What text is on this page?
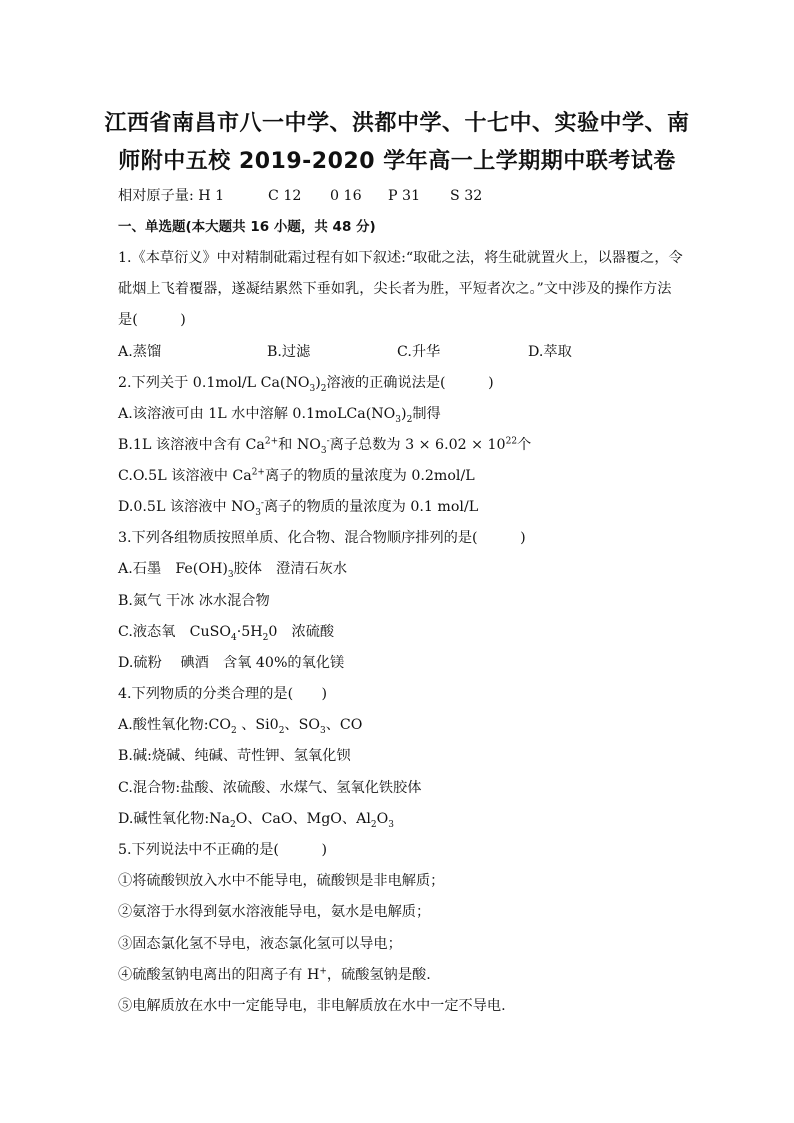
江西省南昌市八一中学、洪都中学、十七中、实验中学、南
师附中五校 2019-2020 学年高一上学期期中联考试卷
相对原子量: H 1	C 12 0 16 P 31 S 32
一、单选题(本大题共 16 小题，共 48 分)
1.《本草衍义》中对精制砒霜过程有如下叙述:“取砒之法，将生砒就置火上，以器覆之，令
砒烟上飞着覆器，遂凝结累然下垂如乳，尖长者为胜，平短者次之。”文中涉及的操作方法
是(　　　)
A.蒸馏	B.过滤	C.升华	D.萃取
2.下列关于 0.1mol/L $Ca(NO_3)_2$溶液的正确说法是(　　　)
A.该溶液可由 1L 水中溶解 $0.1moLCa(NO_3)_2$制得
B.1L 该溶液中含有 $Ca^{2+}$和 $NO_3^-$离子总数为 $3 \times 6.02 \times 10^{22}$个
C.O.5L 该溶液中 $Ca^{2+}$离子的物质的量浓度为 0.2mol/L
D.0.5L 该溶液中 $NO_3^-$离子的物质的量浓度为 0.1 mol/L
3.下列各组物质按照单质、化合物、混合物顺序排列的是(　　　)
A.石墨　$Fe(OH)_3$胶体　澄清石灰水
B.氮气 干冰 冰水混合物
C.液态氧　$CuSO_4\cdot 5H_20$　浓硫酸
D.硫粉　 碘酒　含氧 40%的氧化镁
4.下列物质的分类合理的是(　　)
A.酸性氧化物$:CO_2$ 、$Si0_2$、$SO_3$、CO
B.碱:烧碱、纯碱、苛性钾、氢氧化钡
C.混合物:盐酸、浓硫酸、水煤气、氢氧化铁胶体
D.碱性氧化物$:Na_2O$、CaO、MgO、$Al_2O_3$
5.下列说法中不正确的是(　　　)
①将硫酸钡放入水中不能导电，硫酸钡是非电解质；
②氨溶于水得到氨水溶液能导电，氨水是电解质；
③固态氯化氢不导电，液态氯化氢可以导电；
④硫酸氢钠电离出的阳离子有 H+，硫酸氢钠是酸.
⑤电解质放在水中一定能导电，非电解质放在水中一定不导电.
